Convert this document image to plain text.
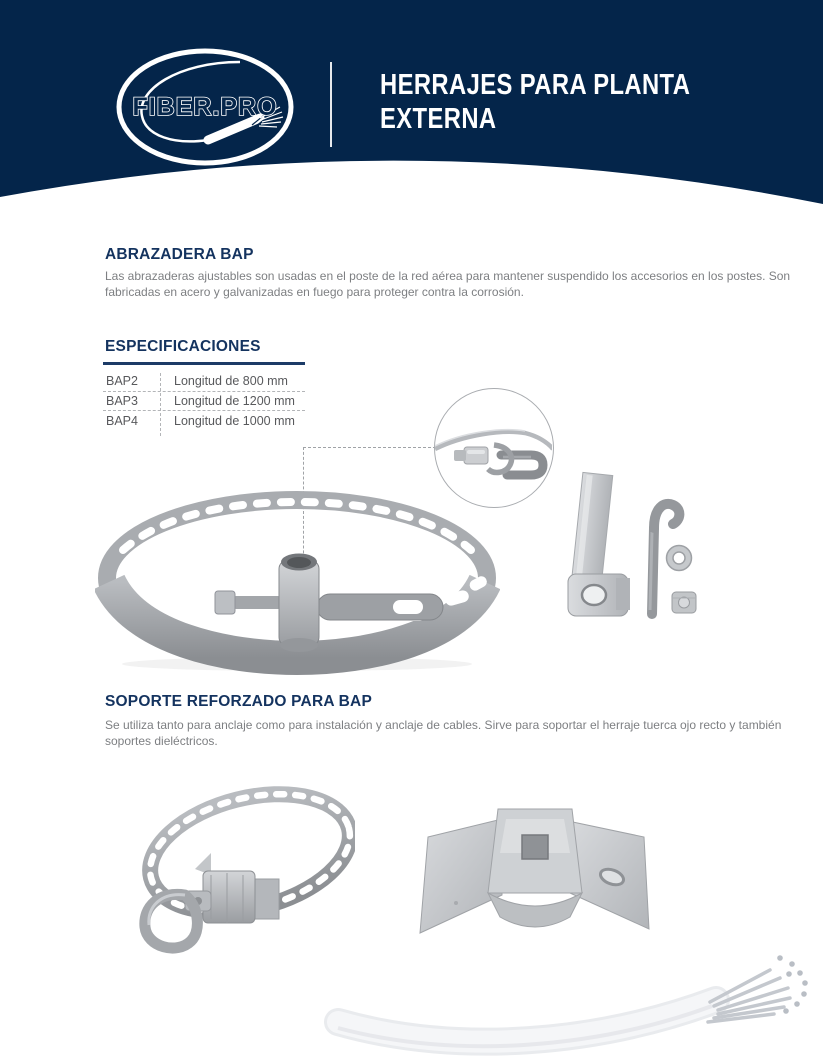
FIBER.PRO
HERRAJES PARA PLANTA
EXTERNA
ABRAZADERA BAP
Las abrazaderas ajustables son usadas en el poste de la red aérea para mantener suspendido los accesorios en los postes. Son fabricadas en acero y galvanizadas en fuego para proteger contra la corrosión.
ESPECIFICACIONES
BAP2	Longitud de 800 mm
BAP3	Longitud de 1200 mm
BAP4	Longitud de 1000 mm
SOPORTE REFORZADO PARA BAP
Se utiliza tanto para anclaje como para instalación y anclaje de cables. Sirve para soportar el herraje tuerca ojo recto y también soportes dieléctricos.
